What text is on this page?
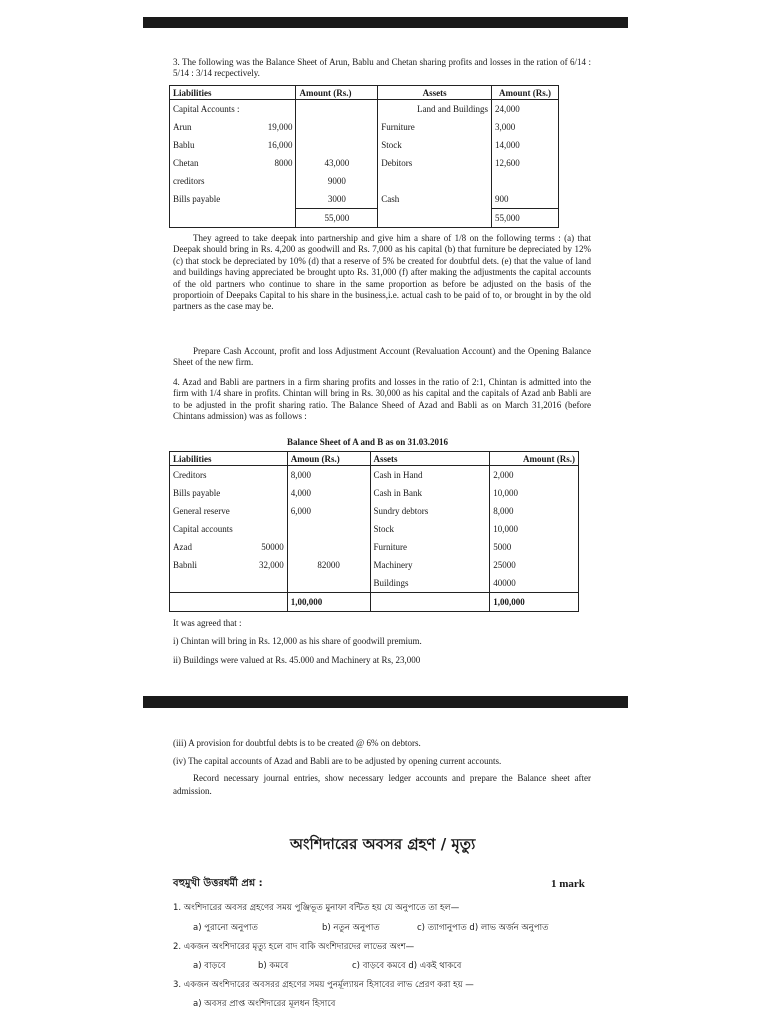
3. The following was the Balance Sheet of Arun, Bablu and Chetan sharing profits and losses in the ration of 6/14 : 5/14 : 3/14 recpectively.
Liabilities		Amount (Rs.)	Assets	Amount (Rs.)
Capital Accounts :			Land and Buildings	24,000
Arun	19,000		Furniture	3,000
Bablu	16,000		Stock	14,000
Chetan	8000	43,000	Debitors	12,600
creditors		9000		
Bills payable		3000	Cash	900
		55,000		55,000
They agreed to take deepak into partnership and give him a share of 1/8 on the following terms : (a) that Deepak should bring in Rs. 4,200 as goodwill and Rs. 7,000 as his capital (b) that furniture be depreciated by 12% (c) that stock be depreciated by 10% (d) that a reserve of 5% be created for doubtful dets. (e) that the value of land and buildings having appreciated be brought upto Rs. 31,000 (f) after making the adjustments the capital accounts of the old partners who continue to share in the same proportion as before be adjusted on the basis of the proportioin of Deepaks Capital to his share in the business,i.e. actual cash to be paid of to, or brought in by the old partners as the case may be.
Prepare Cash Account, profit and loss Adjustment Account (Revaluation Account) and the Opening Balance Sheet of the new firm.
4. Azad and Babli are partners in a firm sharing profits and losses in the ratio of 2:1, Chintan is admitted into the firm with 1/4 share in profits. Chintan will bring in Rs. 30,000 as his capital and the capitals of Azad anb Babli are to be adjusted in the profit sharing ratio. The Balance Sheed of Azad and Babli as on March 31,2016 (before Chintans admission) was as follows :
Balance Sheet of A and B as on 31.03.2016
Liabilities		Amoun (Rs.)	Assets	Amount (Rs.)
Creditors		8,000	Cash in Hand	2,000
Bills payable		4,000	Cash in Bank	10,000
General reserve		6,000	Sundry debtors	8,000
Capital accounts			Stock	10,000
Azad	50000		Furniture	5000
Babnli	32,000	82000	Machinery	25000
			Buildings	40000
		1,00,000		1,00,000
It was agreed that :
i) Chintan will bring in Rs. 12,000 as his share of goodwill premium.
ii) Buildings were valued at Rs. 45.000 and Machinery at Rs, 23,000
(iii) A provision for doubtful debts is to be created @ 6% on debtors.
(iv) The capital accounts of Azad and Babli are to be adjusted by opening current accounts.
Record necessary journal entries, show necessary ledger accounts and prepare the Balance sheet after admission.
অংশিদারের অবসর গ্রহণ / মৃত্যু
বহুমুখী উত্তরধর্মী প্রশ্ন :	1 mark
1. অংশিদারের অবসর গ্রহণের সময় পুঞ্জিভূত মুনাফা বন্টিত হয় যে অনুপাতে তা হল—
a) পুরানো অনুপাত	b) নতুন অনুপাত	c) ত্যাগানুপাত d) লাভ অর্জন অনুপাত
2. একজন অংশিদারের মৃত্যু হলে বাদ বাকি অংশিদারদের লাভের অংশ—
a) বাড়বে	b) কমবে	c) বাড়বে কমবে d) একই থাকবে
3. একজন অংশিদারের অবসরর গ্রহণের সময় পুনর্মূল্যায়ন হিসাবের লাভ প্রেরণ করা হয় —
a) অবসর প্রাপ্ত অংশিদারের মূলধন হিসাবে
